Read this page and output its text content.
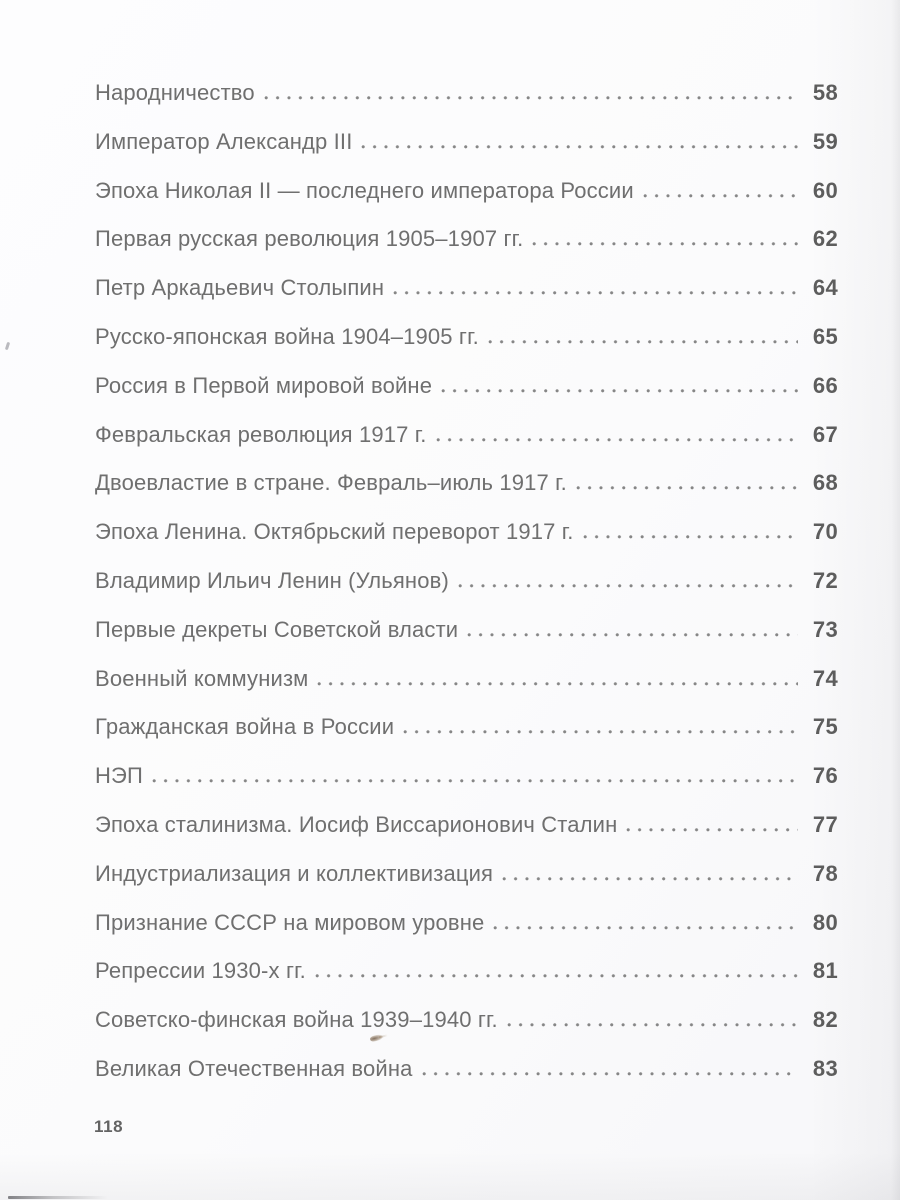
Народничество	58
Император Александр III	59
Эпоха Николая II — последнего императора России	60
Первая русская революция 1905–1907 гг.	62
Петр Аркадьевич Столыпин	64
Русско-японская война 1904–1905 гг.	65
Россия в Первой мировой войне	66
Февральская революция 1917 г.	67
Двоевластие в стране. Февраль–июль 1917 г.	68
Эпоха Ленина. Октябрьский переворот 1917 г.	70
Владимир Ильич Ленин (Ульянов)	72
Первые декреты Советской власти	73
Военный коммунизм	74
Гражданская война в России	75
НЭП	76
Эпоха сталинизма. Иосиф Виссарионович Сталин	77
Индустриализация и коллективизация	78
Признание СССР на мировом уровне	80
Репрессии 1930-х гг.	81
Советско-финская война 1939–1940 гг.	82
Великая Отечественная война	83
118
